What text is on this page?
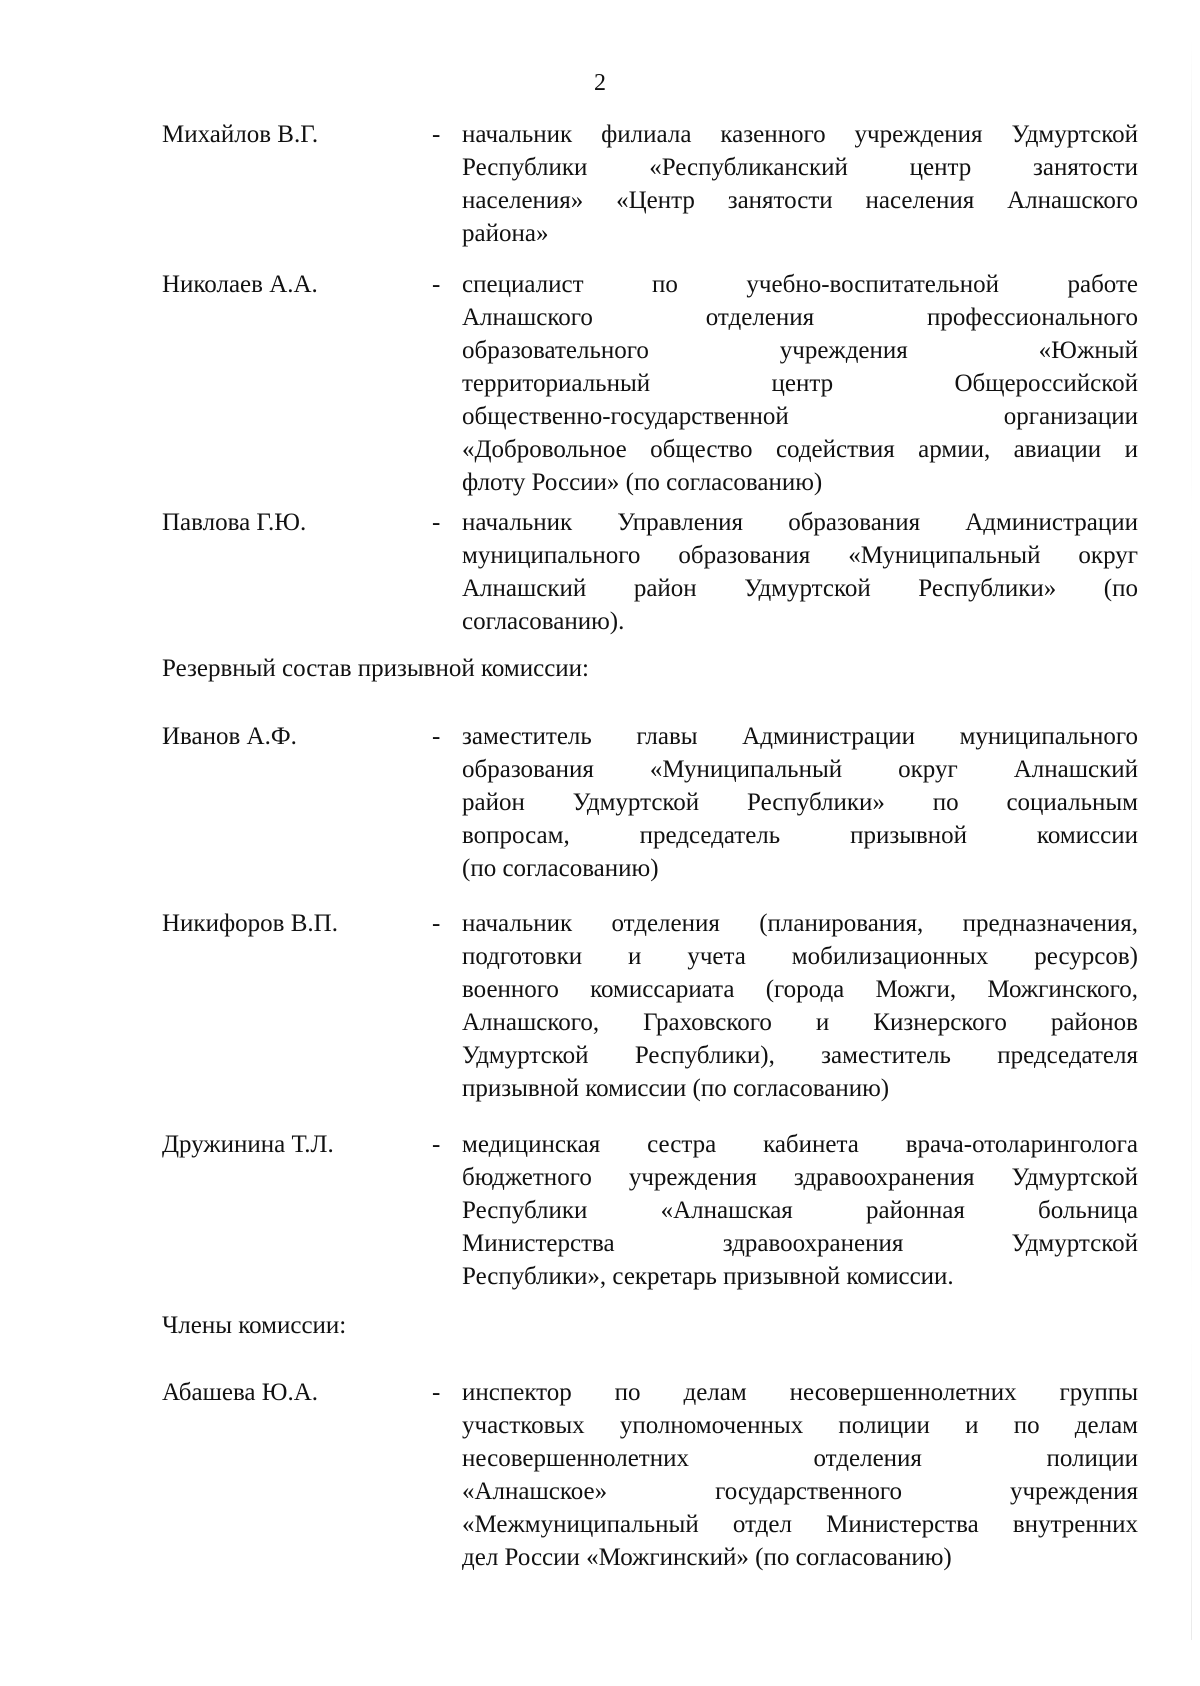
2
Михайлов В.Г.	- начальник филиала казенного учреждения Удмуртской
Республики «Республиканский центр занятости
населения» «Центр занятости населения Алнашского
района»
Николаев А.А.	- специалист по учебно-воспитательной работе
Алнашского отделения профессионального
образовательного учреждения «Южный
территориальный центр Общероссийской
общественно-государственной организации
«Добровольное общество содействия армии, авиации и
флоту России» (по согласованию)
Павлова Г.Ю.	- начальник Управления образования Администрации
муниципального образования «Муниципальный округ
Алнашский район Удмуртской Республики» (по
согласованию).
Резервный состав призывной комиссии:
Иванов А.Ф.	- заместитель главы Администрации муниципального
образования «Муниципальный округ Алнашский
район Удмуртской Республики» по социальным
вопросам, председатель призывной комиссии
(по согласованию)
Никифоров В.П.	- начальник отделения (планирования, предназначения,
подготовки и учета мобилизационных ресурсов)
военного комиссариата (города Можги, Можгинского,
Алнашского, Граховского и Кизнерского районов
Удмуртской Республики), заместитель председателя
призывной комиссии (по согласованию)
Дружинина Т.Л.	- медицинская сестра кабинета врача-отоларинголога
бюджетного учреждения здравоохранения Удмуртской
Республики «Алнашская районная больница
Министерства здравоохранения Удмуртской
Республики», секретарь призывной комиссии.
Члены комиссии:
Абашева Ю.А.	- инспектор по делам несовершеннолетних группы
участковых уполномоченных полиции и по делам
несовершеннолетних отделения полиции
«Алнашское» государственного учреждения
«Межмуниципальный отдел Министерства внутренних
дел России «Можгинский» (по согласованию)
